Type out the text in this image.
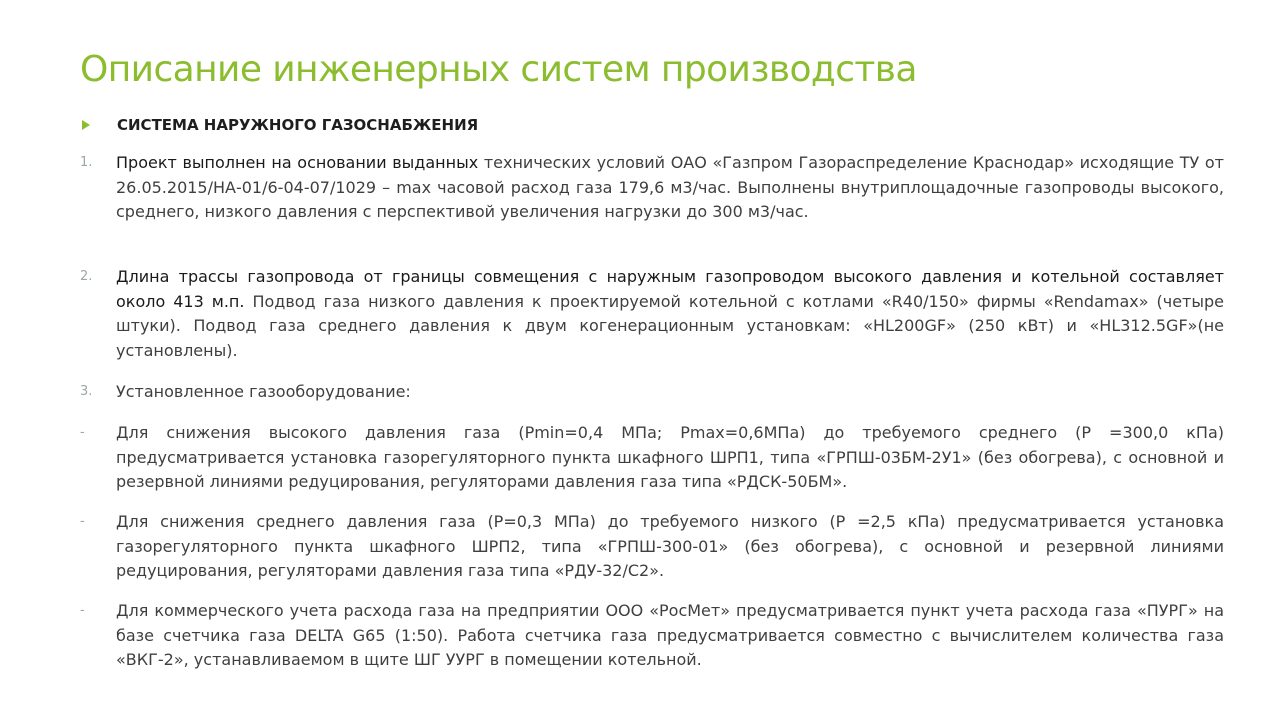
Описание инженерных систем производства
СИСТЕМА НАРУЖНОГО ГАЗОСНАБЖЕНИЯ
1. Проект выполнен на основании выданных технических условий ОАО «Газпром Газораспределение Краснодар» исходящие ТУ от 26.05.2015/НА-01/6-04-07/1029 – max часовой расход газа 179,6 м3/час. Выполнены внутриплощадочные газопроводы высокого, среднего, низкого давления с перспективой увеличения нагрузки до 300 м3/час.
2. Длина трассы газопровода от границы совмещения с наружным газопроводом высокого давления и котельной составляет около 413 м.п. Подвод газа низкого давления к проектируемой котельной с котлами «R40/150» фирмы «Rendamax» (четыре штуки). Подвод газа среднего давления к двум когенерационным установкам: «HL200GF» (250 кВт) и «HL312.5GF»(не установлены).
3. Установленное газооборудование:
- Для снижения высокого давления газа (Pmin=0,4 МПа; Pmax=0,6МПа) до требуемого среднего (Р =300,0 кПа) предусматривается установка газорегуляторного пункта шкафного ШРП1, типа «ГРПШ-03БМ-2У1» (без обогрева), с основной и резервной линиями редуцирования, регуляторами давления газа типа «РДСК-50БМ».
- Для снижения среднего давления газа (Р=0,3 МПа) до требуемого низкого (Р =2,5 кПа) предусматривается установка газорегуляторного пункта шкафного ШРП2, типа «ГРПШ-300-01» (без обогрева), с основной и резервной линиями редуцирования, регуляторами давления газа типа «РДУ-32/С2».
- Для коммерческого учета расхода газа на предприятии ООО «РосМет» предусматривается пункт учета расхода газа «ПУРГ» на базе счетчика газа DELTA G65 (1:50). Работа счетчика газа предусматривается совместно с вычислителем количества газа «ВКГ-2», устанавливаемом в щите ШГ УУРГ в помещении котельной.
